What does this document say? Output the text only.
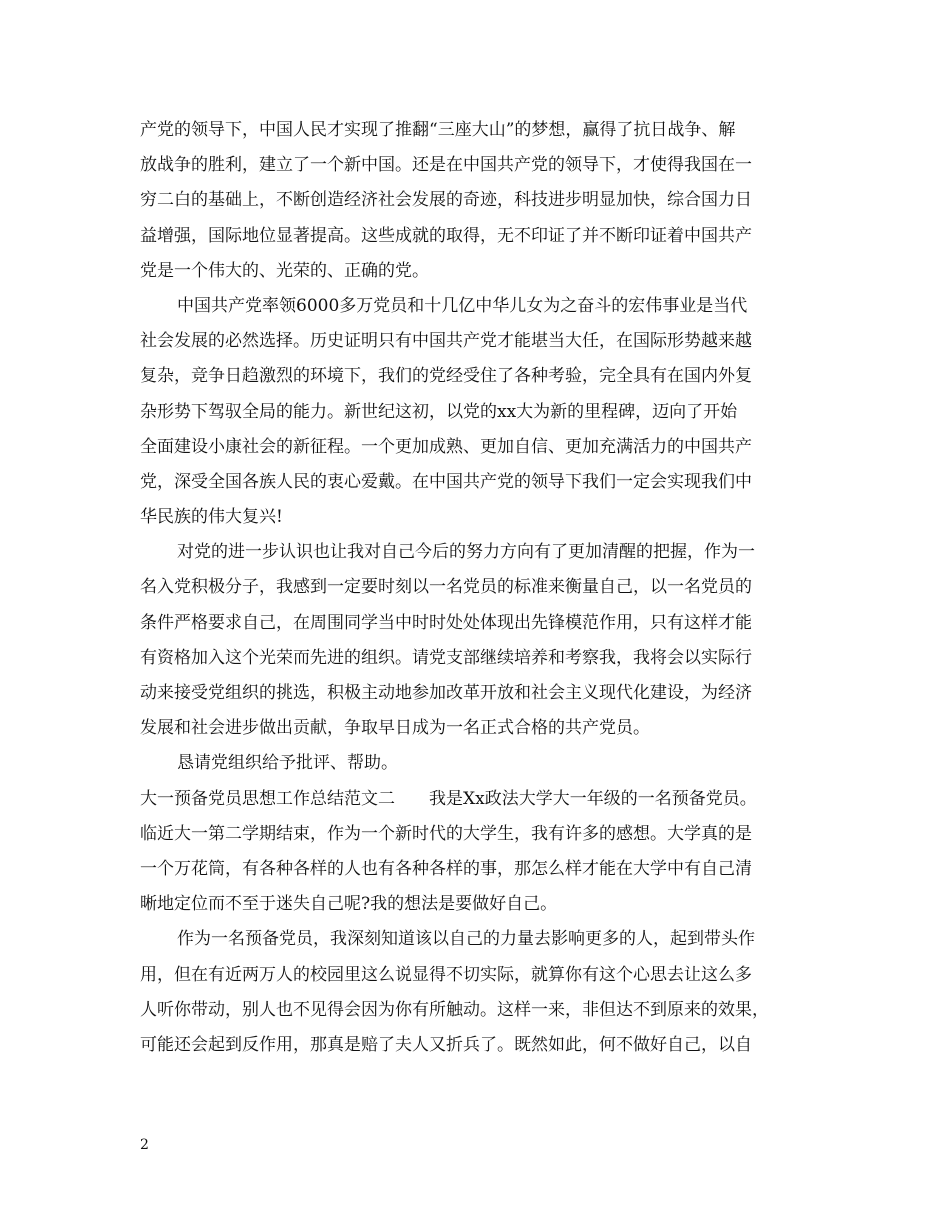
产党的领导下，中国人民才实现了推翻“三座大山”的梦想，赢得了抗日战争、解
放战争的胜利，建立了一个新中国。还是在中国共产党的领导下，才使得我国在一
穷二白的基础上，不断创造经济社会发展的奇迹，科技进步明显加快，综合国力日
益增强，国际地位显著提高。这些成就的取得，无不印证了并不断印证着中国共产
党是一个伟大的、光荣的、正确的党。
中国共产党率领6000多万党员和十几亿中华儿女为之奋斗的宏伟事业是当代
社会发展的必然选择。历史证明只有中国共产党才能堪当大任，在国际形势越来越
复杂，竞争日趋激烈的环境下，我们的党经受住了各种考验，完全具有在国内外复
杂形势下驾驭全局的能力。新世纪这初，以党的xx大为新的里程碑，迈向了开始
全面建设小康社会的新征程。一个更加成熟、更加自信、更加充满活力的中国共产
党，深受全国各族人民的衷心爱戴。在中国共产党的领导下我们一定会实现我们中
华民族的伟大复兴!
对党的进一步认识也让我对自己今后的努力方向有了更加清醒的把握，作为一
名入党积极分子，我感到一定要时刻以一名党员的标准来衡量自己，以一名党员的
条件严格要求自己，在周围同学当中时时处处体现出先锋模范作用，只有这样才能
有资格加入这个光荣而先进的组织。请党支部继续培养和考察我，我将会以实际行
动来接受党组织的挑选，积极主动地参加改革开放和社会主义现代化建设，为经济
发展和社会进步做出贡献，争取早日成为一名正式合格的共产党员。
恳请党组织给予批评、帮助。
大一预备党员思想工作总结范文二　　我是Xx政法大学大一年级的一名预备党员。
临近大一第二学期结束，作为一个新时代的大学生，我有许多的感想。大学真的是
一个万花筒，有各种各样的人也有各种各样的事，那怎么样才能在大学中有自己清
晰地定位而不至于迷失自己呢?我的想法是要做好自己。
作为一名预备党员，我深刻知道该以自己的力量去影响更多的人，起到带头作
用，但在有近两万人的校园里这么说显得不切实际，就算你有这个心思去让这么多
人听你带动，别人也不见得会因为你有所触动。这样一来，非但达不到原来的效果，
可能还会起到反作用，那真是赔了夫人又折兵了。既然如此，何不做好自己，以自
2
